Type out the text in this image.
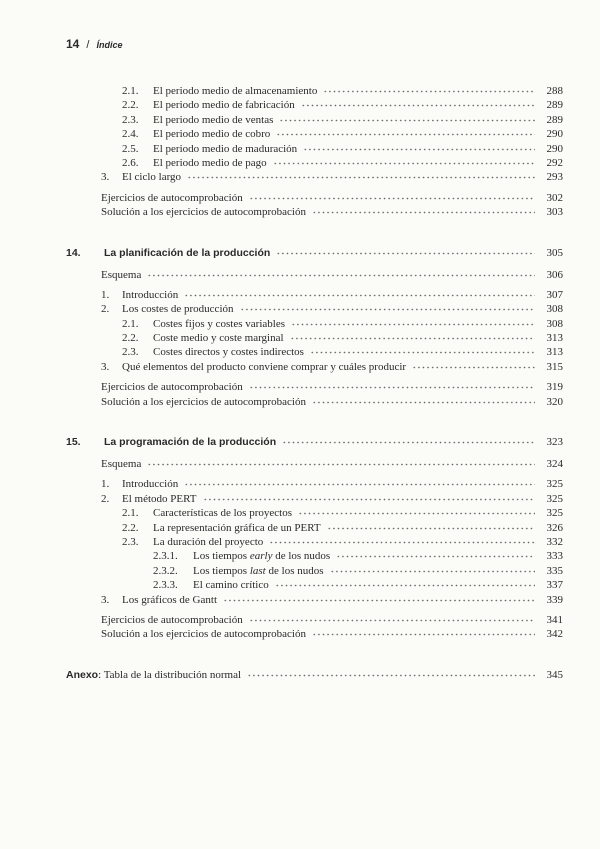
14 / Índice
2.1.	El periodo medio de almacenamiento	288
2.2.	El periodo medio de fabricación	289
2.3.	El periodo medio de ventas	289
2.4.	El periodo medio de cobro	290
2.5.	El periodo medio de maduración	290
2.6.	El periodo medio de pago	292
3.	El ciclo largo	293
Ejercicios de autocomprobación	302
Solución a los ejercicios de autocomprobación	303
14.	La planificación de la producción	305
Esquema	306
1.	Introducción	307
2.	Los costes de producción	308
2.1.	Costes fijos y costes variables	308
2.2.	Coste medio y coste marginal	313
2.3.	Costes directos y costes indirectos	313
3.	Qué elementos del producto conviene comprar y cuáles producir	315
Ejercicios de autocomprobación	319
Solución a los ejercicios de autocomprobación	320
15.	La programación de la producción	323
Esquema	324
1.	Introducción	325
2.	El método PERT	325
2.1.	Características de los proyectos	325
2.2.	La representación gráfica de un PERT	326
2.3.	La duración del proyecto	332
2.3.1.	Los tiempos early de los nudos	333
2.3.2.	Los tiempos last de los nudos	335
2.3.3.	El camino crítico	337
3.	Los gráficos de Gantt	339
Ejercicios de autocomprobación	341
Solución a los ejercicios de autocomprobación	342
Anexo: Tabla de la distribución normal	345
